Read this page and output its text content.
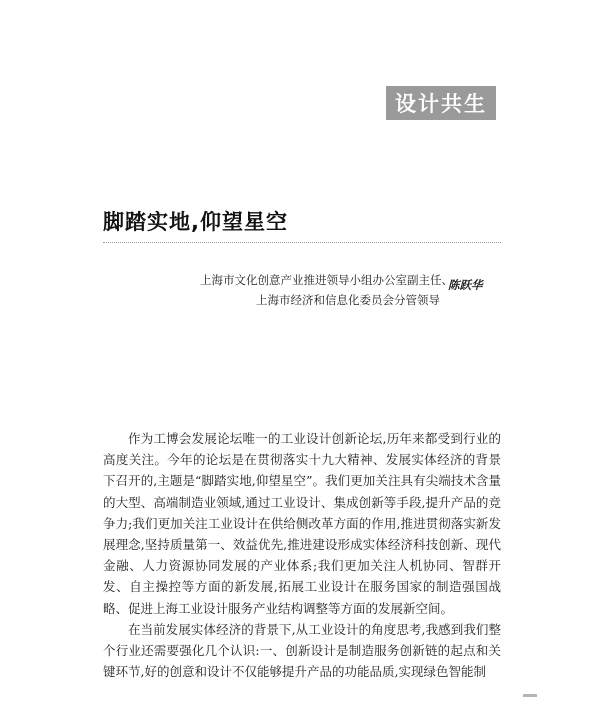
设计共生
脚踏实地,仰望星空
上海市文化创意产业推进领导小组办公室副主任、
上海市经济和信息化委员会分管领导
陈跃华

作为工博会发展论坛唯一的工业设计创新论坛,历年来都受到行业的高度关注。今年的论坛是在贯彻落实十九大精神、发展实体经济的背景下召开的,主题是“脚踏实地,仰望星空”。我们更加关注具有尖端技术含量的大型、高端制造业领域,通过工业设计、集成创新等手段,提升产品的竞争力;我们更加关注工业设计在供给侧改革方面的作用,推进贯彻落实新发展理念,坚持质量第一、效益优先,推进建设形成实体经济科技创新、现代金融、人力资源协同发展的产业体系;我们更加关注人机协同、智群开发、自主操控等方面的新发展,拓展工业设计在服务国家的制造强国战略、促进上海工业设计服务产业结构调整等方面的发展新空间。

在当前发展实体经济的背景下,从工业设计的角度思考,我感到我们整个行业还需要强化几个认识:一、创新设计是制造服务创新链的起点和关键环节,好的创意和设计不仅能够提升产品的功能品质,实现绿色智能制
